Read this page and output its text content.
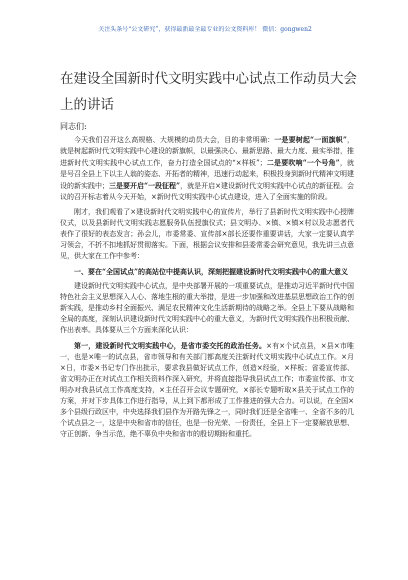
关注头条号“公文研究”，获得最新最全最专业的公文资料库！ 微信：gongwen2
在建设全国新时代文明实践中心试点工作动员大会上的讲话
同志们:

今天我们召开这么高规格、大规模的动员大会，目的非常明确：一是要树起“一面旗帜”，就是树起新时代文明实践中心建设的新旗帜，以最强决心、最新思路、最大力度、最实举措，推进新时代文明实践中心试点工作，奋力打造全国试点的“×样板”；二是要吹响“一个号角”，就是号召全县上下以主人翁的姿态、开拓者的精神，迅速行动起来，积极投身到新时代精神文明建设的新实践中；三是要开启“一段征程”，就是开启×建设新时代文明实践中心试点的新征程。会议的召开标志着从今天开始，×新时代文明实践中心试点建设，进入了全面实施的阶段。

刚才，我们观看了×建设新时代文明实践中心的宣传片，举行了县新时代文明实践中心授牌仪式，以及县新时代文明实践志愿服务队伍授旗仪式；县文明办、×镇、×镇×村以及志愿者代表作了很好的表态发言；孙会儿，市委常委、宣传部×部长还要作重要讲话，大家一定要认真学习领会，不折不扣地抓好贯彻落实。下面，根据会议安排和县委常委会研究意见，我先讲三点意见，供大家在工作中参考：

一、要在“全国试点”的高站位中提高认识，深刻把握建设新时代文明实践中心的重大意义

建设新时代文明实践中心试点，是中央部署开展的一项重要试点，是推动习近平新时代中国特色社会主义思想深入人心、落地生根的重大举措，是进一步加强和改进基层思想政治工作的创新实践，是推动乡村全面振兴、满足农民精神文化生活新期待的战略之举。全县上下要从战略和全局的高度，深刻认识建设新时代文明实践中心的重大意义，为新时代文明实践作出积极贡献、作出表率。具体要从三个方面来深化认识：

第一，建设新时代文明实践中心，是省市委交托的政治任务。×有×个试点县，×县×市唯一，也是×唯一的试点县，省市领导和有关部门都高度关注新时代文明实践中心试点工作。×月×日，市委×书记专门作出批示，要求我县做好试点工作，创造×经验，×样板；省委宣传部、省文明办正在对试点工作相关资料作深入研究，并将直接指导我县试点工作；市委宣传部、市文明办对我县试点工作高度支持，×主任召开会议专题研究，×部长专题听取×县关于试点工作的方案，并对下步具体工作进行指导，从上到下都形成了工作推进的强大合力。可以说，在全国×多个县级行政区中，中央选择我们县作为开路先锋之一，同时我们还是全省唯一、全省不多的几个试点县之一，这是中央和省市的信任，也是一份光荣、一份责任，全县上下一定要解放思想、守正创新、争当示范，绝不辜负中央和省市的殷切期盼和重托。
